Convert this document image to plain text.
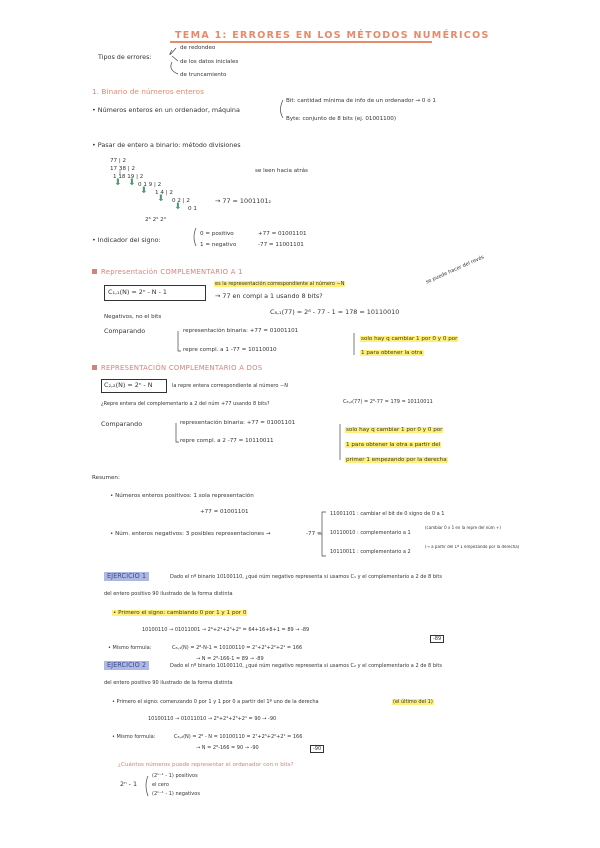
TEMA 1: ERRORES EN LOS MÉTODOS NUMÉRICOS
Tipos de errores:
de redondeo
de los datos iniciales
de truncamiento
1. Binario de números enteros
• Números enteros en un ordenador, máquina
Bit: cantidad mínima de info de un ordenador → 0 ó 1
Byte: conjunto de 8 bits (ej. 01001100)
• Pasar de entero a binario: método divisiones
77 | 2
17 38 | 2
1 18 19 | 2
0 1 9 | 2
1 4 | 2
0 2 | 2
0 1
⬇ ⬇
⬇
⬇
⬇
2⁶ 2⁵ 2⁰
se leen hacia atrás
→ 77 = 1001101₂
• Indicador del signo:
0 = positivo
1 = negativo
+77 = 01001101
-77 = 11001101
Representación COMPLEMENTARIO A 1
C₁,₁(N) = 2ⁿ - N - 1
es la representación correspondiente al número −N
→ 77 en compl a 1 usando 8 bits?
se puede hacer del revés
C₈,₁(77) = 2⁸ - 77 - 1 = 178 = 10110010
Negativos, no el bits
Comparando	representación binaria: +77 = 01001101
repre compl. a 1 -77 = 10110010
solo hay q cambiar 1 por 0 y 0 por
1 para obtener la otra
REPRESENTACIÓN COMPLEMENTARIO A DOS
C₂,₂(N) = 2ⁿ - N	la repre entera correspondiente al número −N
¿Repre entera del complementario a 2 del núm +77 usando 8 bits?	C₈,₂(77) = 2⁸-77 = 179 = 10110011
Comparando	representación binaria: +77 = 01001101
repre compl. a 2 -77 = 10110011
solo hay q cambiar 1 por 0 y 0 por
1 para obtener la otra a partir del
primer 1 empezando por la derecha
Resumen:
• Números enteros positivos: 1 sola representación
+77 = 01001101
• Núm. enteros negativos: 3 posibles representaciones →	-77 =
11001101 : cambiar el bit de 0 signo de 0 a 1
10110010 : complementario a 1
(cambiar 0 x 1 en la repre del núm +)
10110011 : complementario a 2
(→ a partir del 1ª 1 empezando por la derecha)
EJERCICIO 1	Dado el nº binario 10100110, ¿qué núm negativo representa si usamos C₁ y el complementario a 2 de 8 bits
del entero positivo 90 ilustrado de la forma distinta
• Primero el signo: cambiando 0 por 1 y 1 por 0
10100110 → 01011001 → 2⁶+2⁴+2³+2⁰ = 64+16+8+1 = 89 → -89
• Mismo formula:	C₈,₁(N) = 2⁸-N-1 = 10100110 = 2⁷+2⁵+2²+2¹ = 166
→ N = 2⁸-166-1 = 89 → -89
-89
EJERCICIO 2	Dado el nº binario 10100110, ¿qué núm negativo representa si usamos C₂ y el complementario a 2 de 8 bits
del entero positivo 90 ilustrado de la forma distinta
• Primero el signo: comenzando 0 por 1 y 1 por 0 a partir del 1º uno de la derecha	(el último del 1)
10100110 → 01011010 → 2⁶+2⁴+2³+2¹ = 90 → -90
• Mismo formula:	C₈,₂(N) = 2⁸ - N = 10100110 = 2⁷+2⁵+2²+2¹ = 166
→ N = 2⁸-166 = 90 → -90	-90
¿Cuántos números puede representar el ordenador con n bits?
2ⁿ - 1
(2ⁿ⁻¹ - 1) positivos
el cero
(2ⁿ⁻¹ - 1) negativos
